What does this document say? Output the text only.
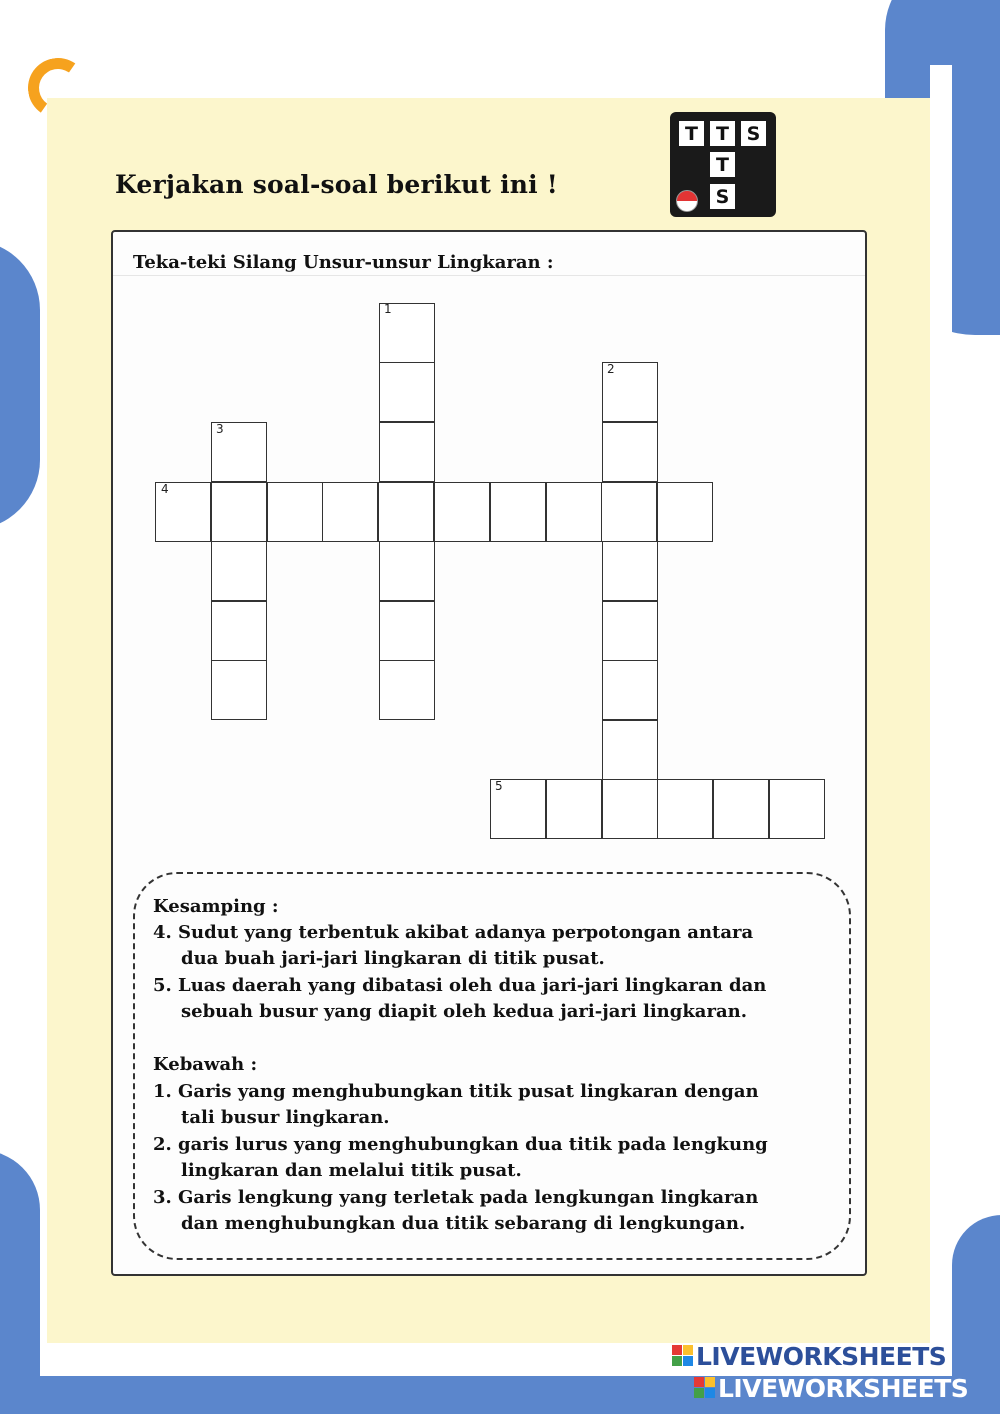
Kerjakan soal-soal berikut ini !
T T S
T
S
Teka-teki Silang Unsur-unsur Lingkaran :
1
2
3
4
5
Kesamping :
4. Sudut yang terbentuk akibat adanya perpotongan antara
dua buah jari-jari lingkaran di titik pusat.
5. Luas daerah yang dibatasi oleh dua jari-jari lingkaran dan
sebuah busur yang diapit oleh kedua jari-jari lingkaran.
Kebawah :
1. Garis yang menghubungkan titik pusat lingkaran dengan
tali busur lingkaran.
2. garis lurus yang menghubungkan dua titik pada lengkung
lingkaran dan melalui titik pusat.
3. Garis lengkung yang terletak pada lengkungan lingkaran
dan menghubungkan dua titik sebarang di lengkungan.
LIVEWORKSHEETS
LIVEWORKSHEETS
